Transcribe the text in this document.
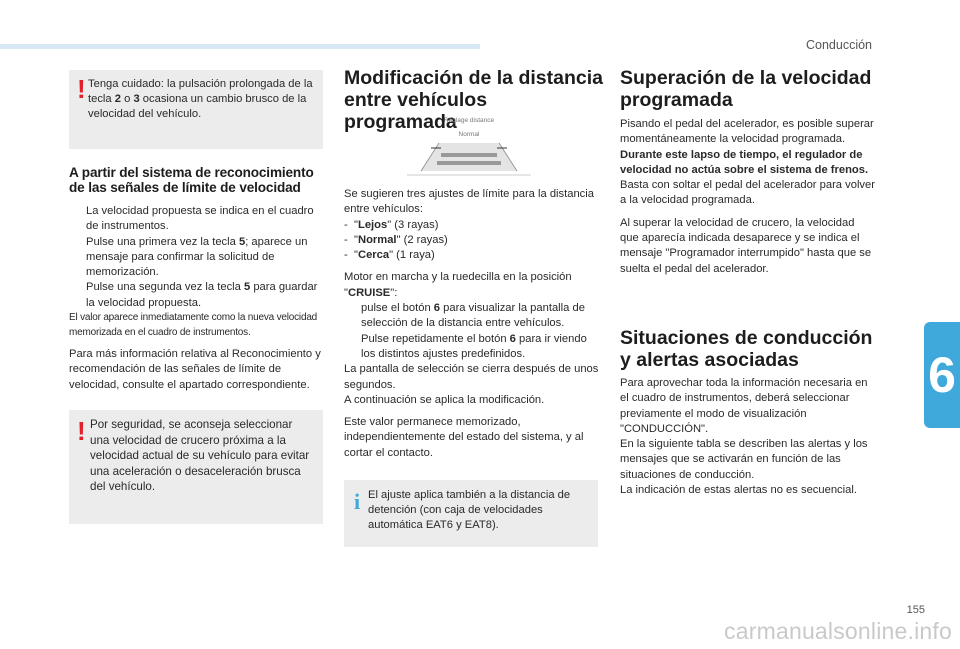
Conducción
6
155
carmanualsonline.info
! Tenga cuidado: la pulsación prolongada de la tecla 2 o 3 ocasiona un cambio brusco de la velocidad del vehículo.

A partir del sistema de reconocimiento de las señales de límite de velocidad
La velocidad propuesta se indica en el cuadro de instrumentos.
Pulse una primera vez la tecla 5; aparece un mensaje para confirmar la solicitud de memorización.
Pulse una segunda vez la tecla 5 para guardar la velocidad propuesta.

El valor aparece inmediatamente como la nueva velocidad memorizada en el cuadro de instrumentos.

Para más información relativa al Reconocimiento y recomendación de las señales de límite de velocidad, consulte el apartado correspondiente.

! Por seguridad, se aconseja seleccionar una velocidad de crucero próxima a la velocidad actual de su vehículo para evitar una aceleración o desaceleración brusca del vehículo.

Modificación de la distancia entre vehículos programada
Réglage distance
Normal

Se sugieren tres ajustes de límite para la distancia entre vehículos:

- "Lejos" (3 rayas)
- "Normal" (2 rayas)
- "Cerca" (1 raya)

Motor en marcha y la ruedecilla en la posición "CRUISE":

pulse el botón 6 para visualizar la pantalla de selección de la distancia entre vehículos.
Pulse repetidamente el botón 6 para ir viendo los distintos ajustes predefinidos.

La pantalla de selección se cierra después de unos segundos.

A continuación se aplica la modificación.

Este valor permanece memorizado, independientemente del estado del sistema, y al cortar el contacto.

i El ajuste aplica también a la distancia de detención (con caja de velocidades automática EAT6 y EAT8).

Superación de la velocidad programada

Pisando el pedal del acelerador, es posible superar momentáneamente la velocidad programada.

Durante este lapso de tiempo, el regulador de velocidad no actúa sobre el sistema de frenos.

Basta con soltar el pedal del acelerador para volver a la velocidad programada.

Al superar la velocidad de crucero, la velocidad que aparecía indicada desaparece y se indica el mensaje "Programador interrumpido" hasta que se suelta el pedal del acelerador.

Situaciones de conducción y alertas asociadas

Para aprovechar toda la información necesaria en el cuadro de instrumentos, deberá seleccionar previamente el modo de visualización "CONDUCCIÓN".

En la siguiente tabla se describen las alertas y los mensajes que se activarán en función de las situaciones de conducción.

La indicación de estas alertas no es secuencial.
